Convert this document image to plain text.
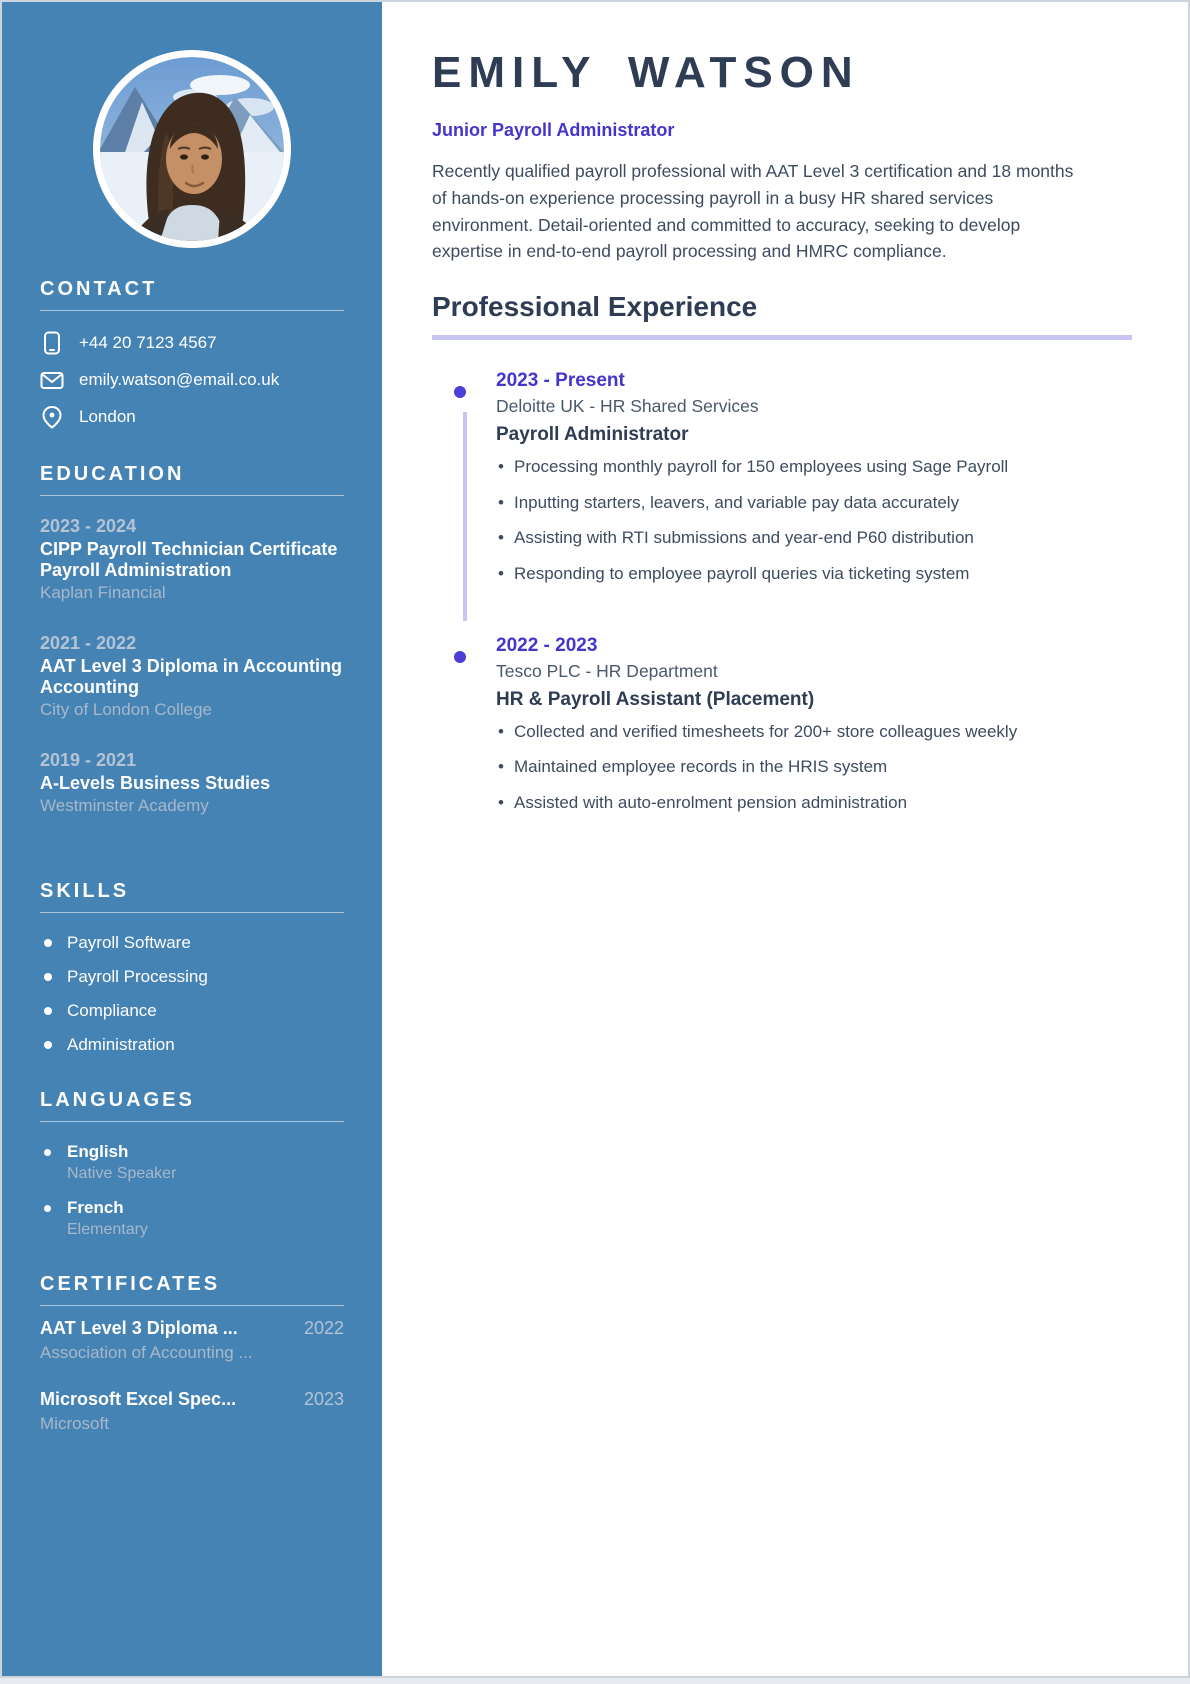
CONTACT
+44 20 7123 4567
emily.watson@email.co.uk
London
EDUCATION
2023 - 2024
CIPP Payroll Technician Certificate Payroll Administration
Kaplan Financial
2021 - 2022
AAT Level 3 Diploma in Accounting Accounting
City of London College
2019 - 2021
A-Levels Business Studies
Westminster Academy
SKILLS
Payroll Software
Payroll Processing
Compliance
Administration
LANGUAGES
English
Native Speaker
French
Elementary
CERTIFICATES
AAT Level 3 Diploma ...	2022
Association of Accounting ...
Microsoft Excel Spec...	2023
Microsoft
EMILY WATSON
Junior Payroll Administrator

Recently qualified payroll professional with AAT Level 3 certification and 18 months of hands-on experience processing payroll in a busy HR shared services environment. Detail-oriented and committed to accuracy, seeking to develop expertise in end-to-end payroll processing and HMRC compliance.

Professional Experience
2023 - Present
Deloitte UK - HR Shared Services
Payroll Administrator
• Processing monthly payroll for 150 employees using Sage Payroll
• Inputting starters, leavers, and variable pay data accurately
• Assisting with RTI submissions and year-end P60 distribution
• Responding to employee payroll queries via ticketing system
2022 - 2023
Tesco PLC - HR Department
HR & Payroll Assistant (Placement)
• Collected and verified timesheets for 200+ store colleagues weekly
• Maintained employee records in the HRIS system
• Assisted with auto-enrolment pension administration
